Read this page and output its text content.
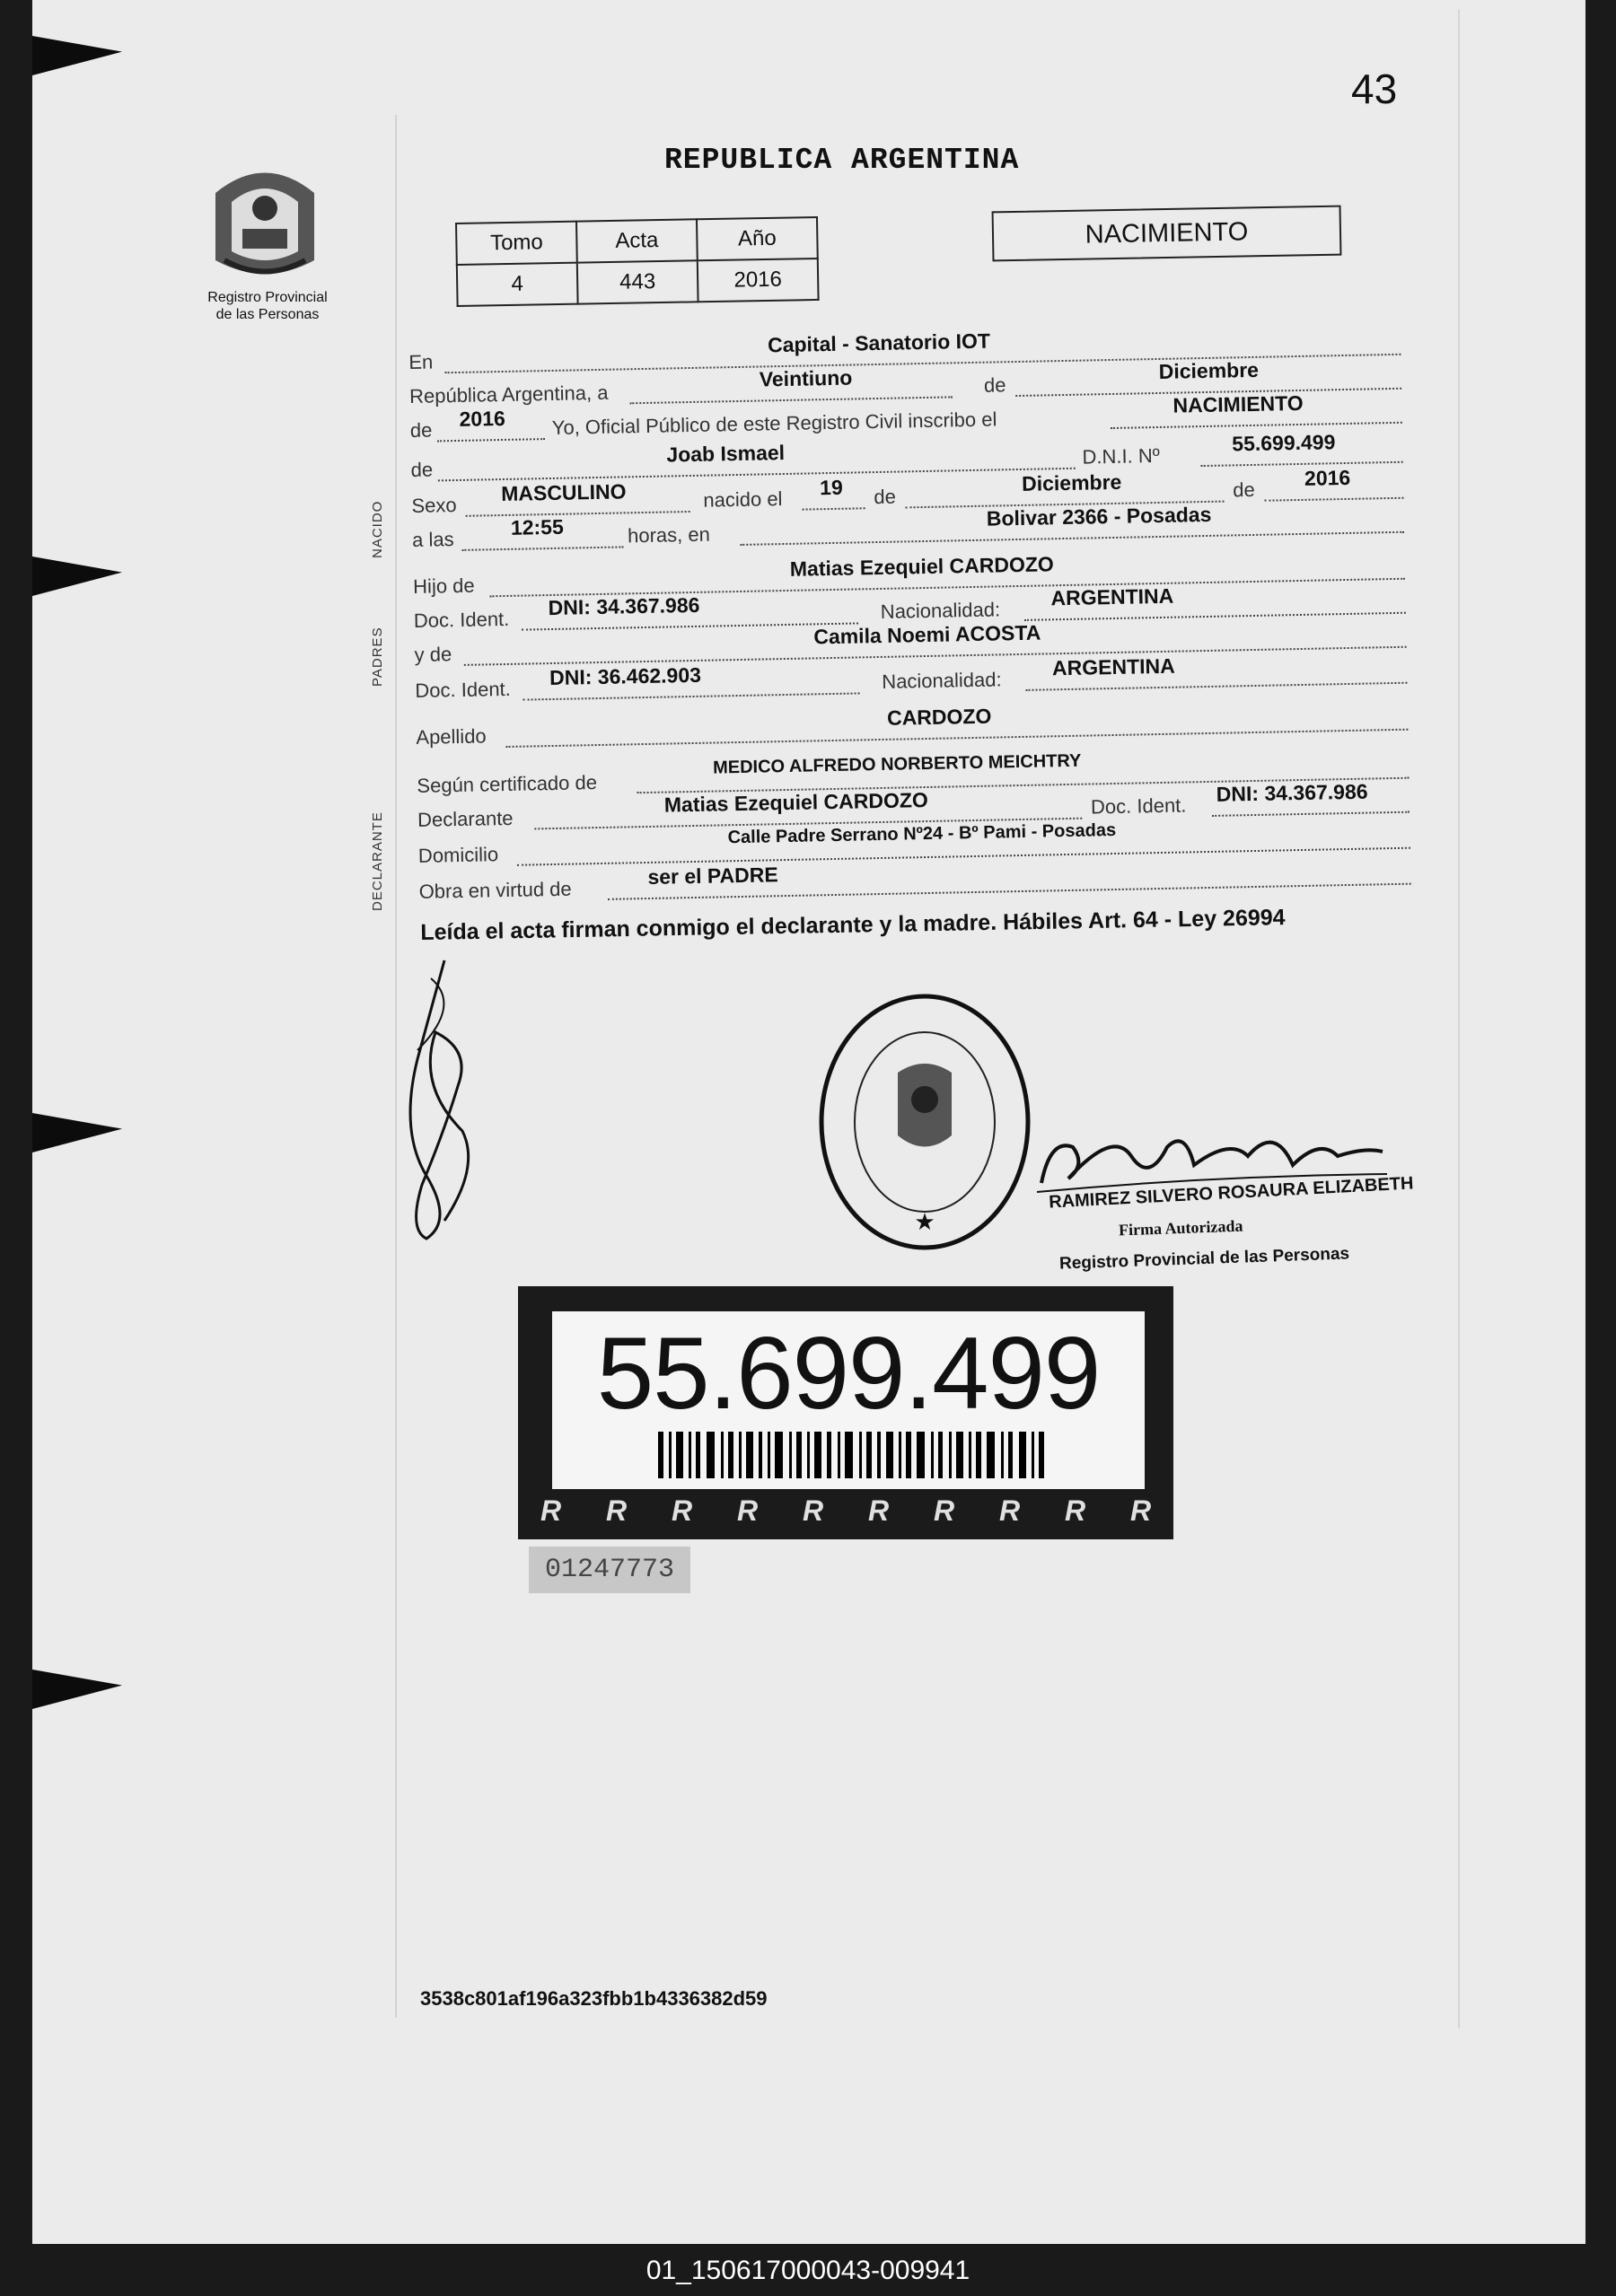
43
Registro Provincial
de las Personas
REPUBLICA ARGENTINA
Tomo	Acta	Año
4	443	2016
NACIMIENTO
En
Capital - Sanatorio IOT
República Argentina, a
Veintiuno	de
Diciembre
de 2016 Yo, Oficial Público de este Registro Civil inscribo el
NACIMIENTO
de
Joab Ismael	D.N.I. Nº
55.699.499
Sexo MASCULINO	nacido el
19 de
Diciembre	de 2016
a las
12:55	horas, en
Bolivar 2366 - Posadas
Hijo de
Matias Ezequiel CARDOZO
Doc. Ident.
DNI: 34.367.986	Nacionalidad:
ARGENTINA
y de
Camila Noemi ACOSTA
Doc. Ident.
DNI: 36.462.903	Nacionalidad:
ARGENTINA
Apellido
CARDOZO
Según certificado de
MEDICO ALFREDO NORBERTO MEICHTRY
Declarante
Matias Ezequiel CARDOZO	Doc. Ident.
DNI: 34.367.986
Domicilio
Calle Padre Serrano Nº24 - Bº Pami - Posadas
Obra en virtud de
ser el PADRE
NACIDO
PADRES
DECLARANTE
Leída el acta firman conmigo el declarante y la madre. Hábiles Art. 64 - Ley 26994
★
RAMIREZ SILVERO ROSAURA ELIZABETH
Firma Autorizada
Registro Provincial de las Personas
55.699.499
R R R R R R R R R R
01247773
3538c801af196a323fbb1b4336382d59
01_150617000043-009941
